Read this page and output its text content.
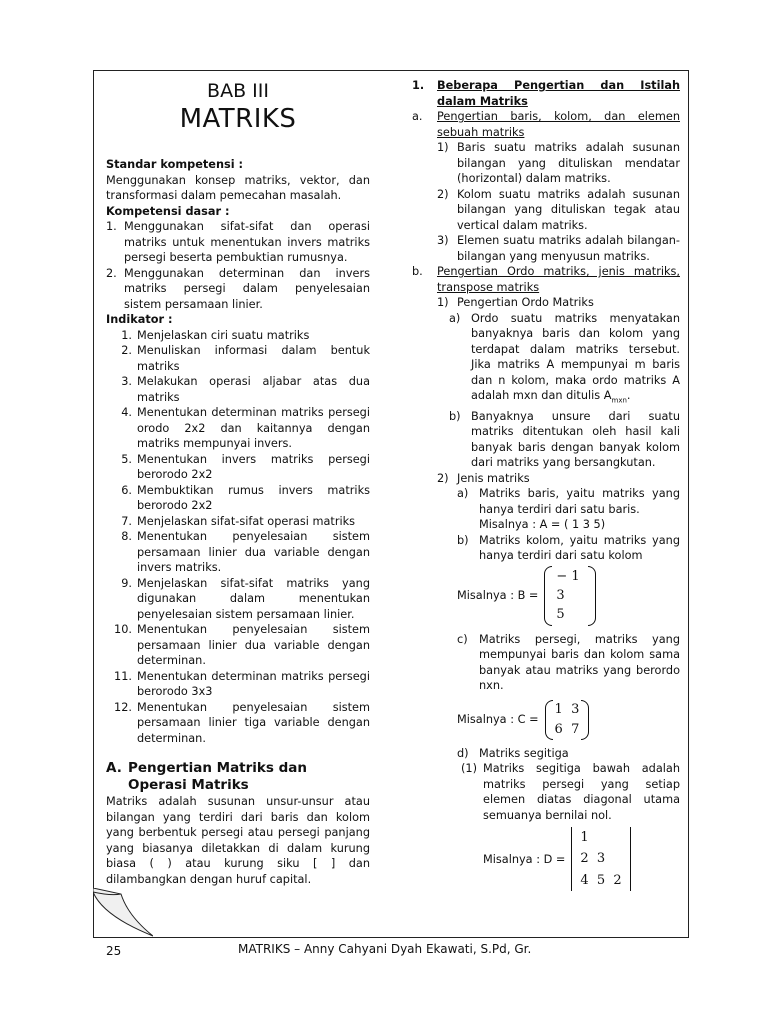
BAB III
MATRIKS
Standar kompetensi :
Menggunakan konsep matriks, vektor, dan transformasi dalam pemecahan masalah.
Kompetensi dasar :
1. Menggunakan sifat-sifat dan operasi matriks untuk menentukan invers matriks persegi beserta pembuktian rumusnya.
2. Menggunakan determinan dan invers matriks persegi dalam penyelesaian sistem persamaan linier.
Indikator :
1. Menjelaskan ciri suatu matriks
2. Menuliskan informasi dalam bentuk matriks
3. Melakukan operasi aljabar atas dua matriks
4. Menentukan determinan matriks persegi orodo 2x2 dan kaitannya dengan matriks mempunyai invers.
5. Menentukan invers matriks persegi berorodo 2x2
6. Membuktikan rumus invers matriks berorodo 2x2
7. Menjelaskan sifat-sifat operasi matriks
8. Menentukan penyelesaian sistem persamaan linier dua variable dengan invers matriks.
9. Menjelaskan sifat-sifat matriks yang digunakan dalam menentukan penyelesaian sistem persamaan linier.
10. Menentukan penyelesaian sistem persamaan linier dua variable dengan determinan.
11. Menentukan determinan matriks persegi berorodo 3x3
12. Menentukan penyelesaian sistem persamaan linier tiga variable dengan determinan.
A. Pengertian Matriks dan Operasi Matriks
Matriks adalah susunan unsur-unsur atau bilangan yang terdiri dari baris dan kolom yang berbentuk persegi atau persegi panjang yang biasanya diletakkan di dalam kurung biasa ( ) atau kurung siku [ ] dan dilambangkan dengan huruf capital.
1.	Beberapa Pengertian dan Istilah dalam Matriks
a.	Pengertian baris, kolom, dan elemen sebuah matriks
1) Baris suatu matriks adalah susunan bilangan yang dituliskan mendatar (horizontal) dalam matriks.
2) Kolom suatu matriks adalah susunan bilangan yang dituliskan tegak atau vertical dalam matriks.
3) Elemen suatu matriks adalah bilangan-bilangan yang menyusun matriks.
b.	Pengertian Ordo matriks, jenis matriks, transpose matriks
1) Pengertian Ordo Matriks
a) Ordo suatu matriks menyatakan banyaknya baris dan kolom yang terdapat dalam matriks tersebut. Jika matriks A mempunyai m baris dan n kolom, maka ordo matriks A adalah mxn dan ditulis $A_{mxn}$.
b) Banyaknya unsure dari suatu matriks ditentukan oleh hasil kali banyak baris dengan banyak kolom dari matriks yang bersangkutan.
2) Jenis matriks
a) Matriks baris, yaitu matriks yang hanya terdiri dari satu baris.
Misalnya : A = ( 1 3 5)
b) Matriks kolom, yaitu matriks yang hanya terdiri dari satu kolom
Misalnya : B =
− 1
3
5
c)	Matriks persegi, matriks yang mempunyai baris dan kolom sama banyak atau matriks yang berordo nxn.
Misalnya : C =
1  3
6  7
d) Matriks segitiga
(1) Matriks segitiga bawah adalah matriks persegi yang setiap elemen diatas diagonal utama semuanya bernilai nol.
Misalnya : D =
1
2  3
4  5  2
25	MATRIKS – Anny Cahyani Dyah Ekawati, S.Pd, Gr.
